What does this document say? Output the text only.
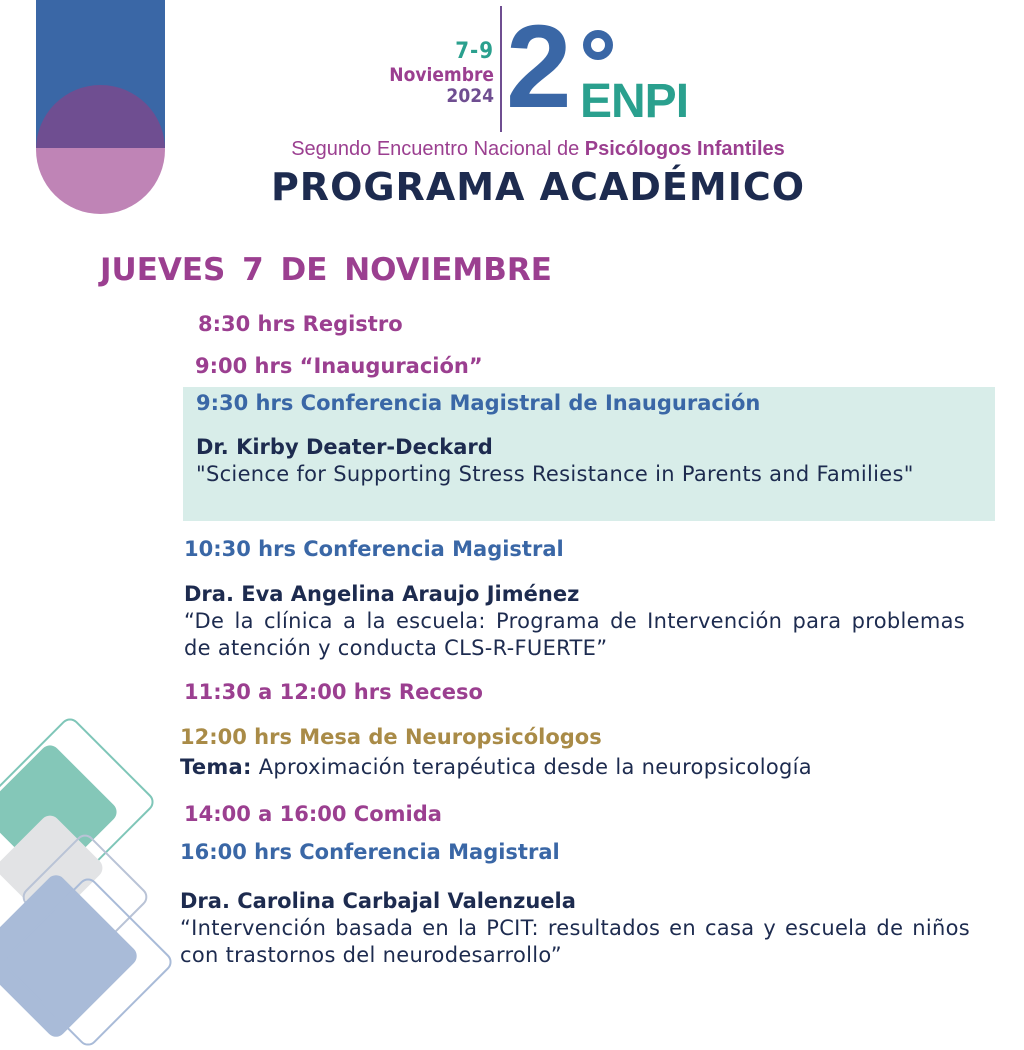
7-9
Noviembre
2024 2 ENPI
Segundo Encuentro Nacional de Psicólogos Infantiles
PROGRAMA ACADÉMICO
JUEVES 7 DE NOVIEMBRE
8:30 hrs Registro
9:00 hrs “Inauguración”
9:30 hrs Conferencia Magistral de Inauguración
Dr. Kirby Deater-Deckard
"Science for Supporting Stress Resistance in Parents and Families"
10:30 hrs Conferencia Magistral
Dra. Eva Angelina Araujo Jiménez
“De la clínica a la escuela: Programa de Intervención para problemas de atención y conducta CLS-R-FUERTE”
11:30 a 12:00 hrs Receso
12:00 hrs Mesa de Neuropsicólogos
Tema: Aproximación terapéutica desde la neuropsicología
14:00 a 16:00 Comida
16:00 hrs Conferencia Magistral
Dra. Carolina Carbajal Valenzuela
“Intervención basada en la PCIT: resultados en casa y escuela de niños con trastornos del neurodesarrollo”
